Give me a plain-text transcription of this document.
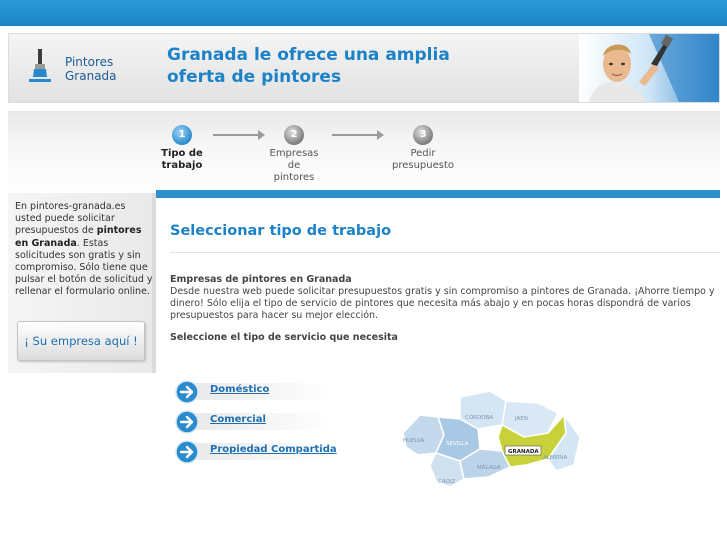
Pintores
Granada
Granada le ofrece una amplia
oferta de pintores
1
Tipo de
trabajo
2
Empresas
de
pintores
3
Pedir
presupuesto
En pintores-granada.es usted puede solicitar presupuestos de pintores en Granada. Estas solicitudes son gratis y sin compromiso. Sólo tiene que pulsar el botón de solicitud y rellenar el formulario online.
¡ Su empresa aquí !
Seleccionar tipo de trabajo
Empresas de pintores en Granada
Desde nuestra web puede solicitar presupuestos gratis y sin compromiso a pintores de Granada. ¡Ahorre tiempo y dinero! Sólo elija el tipo de servicio de pintores que necesita más abajo y en pocas horas dispondrá de varios presupuestos para hacer su mejor elección.
Seleccione el tipo de servicio que necesita
Doméstico
Comercial
Propiedad Compartida
CÓRDOBA	JAÉN
HUELVA	SEVILLA
GRANADA
ALMERÍA
MÁLAGA
CÁDIZ
